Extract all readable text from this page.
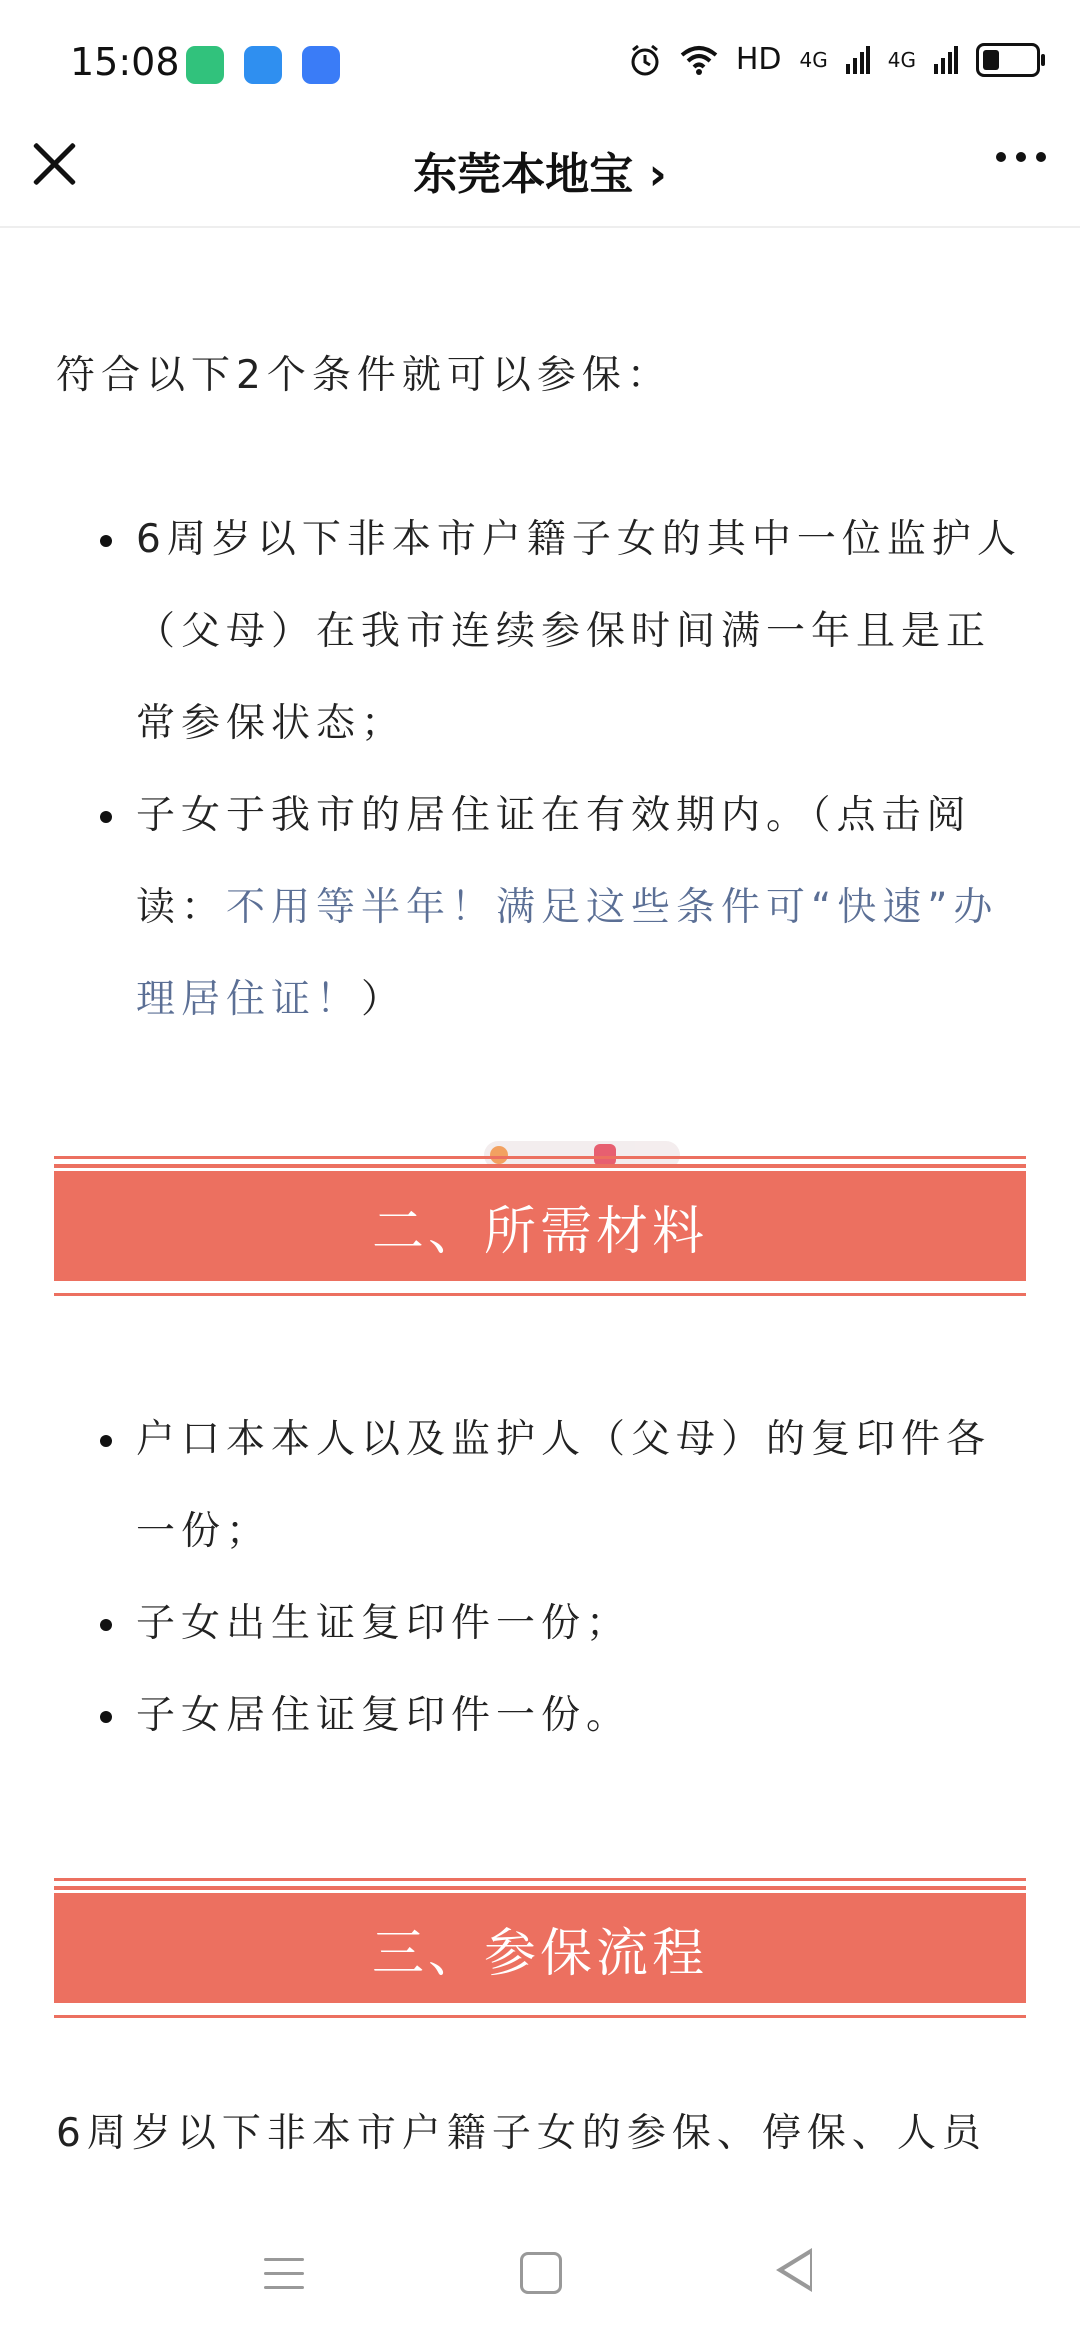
15:08	HD 4G	4G
东莞本地宝 ›

符合以下2个条件就可以参保：

6周岁以下非本市户籍子女的其中一位监护人（父母）在我市连续参保时间满一年且是正常参保状态；
子女于我市的居住证在有效期内。（点击阅读：不用等半年！满足这些条件可“快速”办理居住证！）
二、所需材料
户口本本人以及监护人（父母）的复印件各一份；
子女出生证复印件一份；
子女居住证复印件一份。
三、参保流程

6周岁以下非本市户籍子女的参保、停保、人员
